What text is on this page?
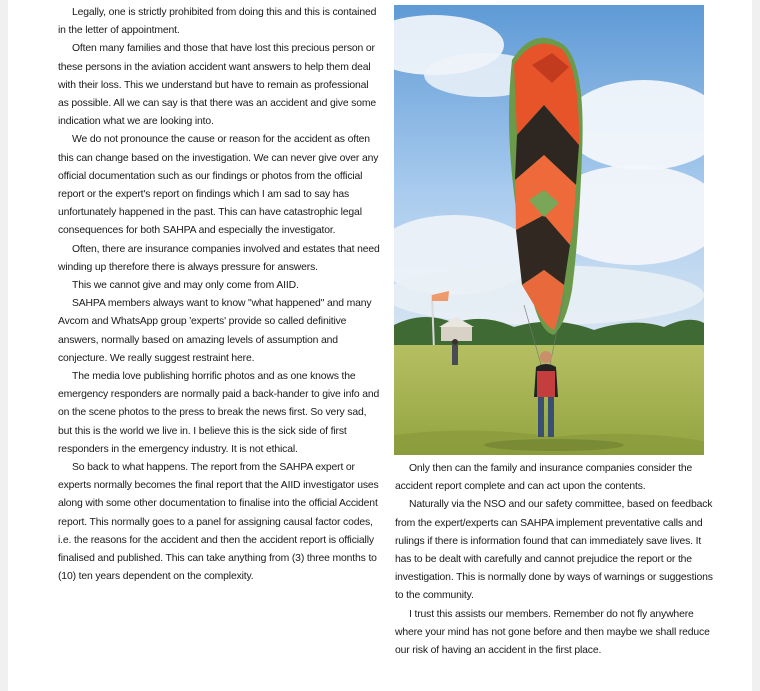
Legally, one is strictly prohibited from doing this and this is contained in the letter of appointment.

Often many families and those that have lost this precious person or these persons in the aviation accident want answers to help them deal with their loss. This we understand but have to remain as professional as possible. All we can say is that there was an accident and give some indication what we are looking into.

We do not pronounce the cause or reason for the accident as often this can change based on the investigation. We can never give over any official documentation such as our findings or photos from the official report or the expert's report on findings which I am sad to say has unfortunately happened in the past. This can have catastrophic legal consequences for both SAHPA and especially the investigator.

Often, there are insurance companies involved and estates that need winding up therefore there is always pressure for answers.

This we cannot give and may only come from AIID.

SAHPA members always want to know "what happened" and many Avcom and WhatsApp group 'experts' provide so called definitive answers, normally based on amazing levels of assumption and conjecture. We really suggest restraint here.

The media love publishing horrific photos and as one knows the emergency responders are normally paid a back-hander to give info and on the scene photos to the press to break the news first. So very sad, but this is the world we live in. I believe this is the sick side of first responders in the emergency industry. It is not ethical.

So back to what happens. The report from the SAHPA expert or experts normally becomes the final report that the AIID investigator uses along with some other documentation to finalise into the official Accident report. This normally goes to a panel for assigning causal factor codes, i.e. the reasons for the accident and then the accident report is officially finalised and published. This can take anything from (3) three months to (10) ten years dependent on the complexity.

Only then can the family and insurance companies consider the accident report complete and can act upon the contents.

Naturally via the NSO and our safety committee, based on feedback from the expert/experts can SAHPA implement preventative calls and rulings if there is information found that can immediately save lives. It has to be dealt with carefully and cannot prejudice the report or the investigation. This is normally done by ways of warnings or suggestions to the community.

I trust this assists our members. Remember do not fly anywhere where your mind has not gone before and then maybe we shall reduce our risk of having an accident in the first place.
